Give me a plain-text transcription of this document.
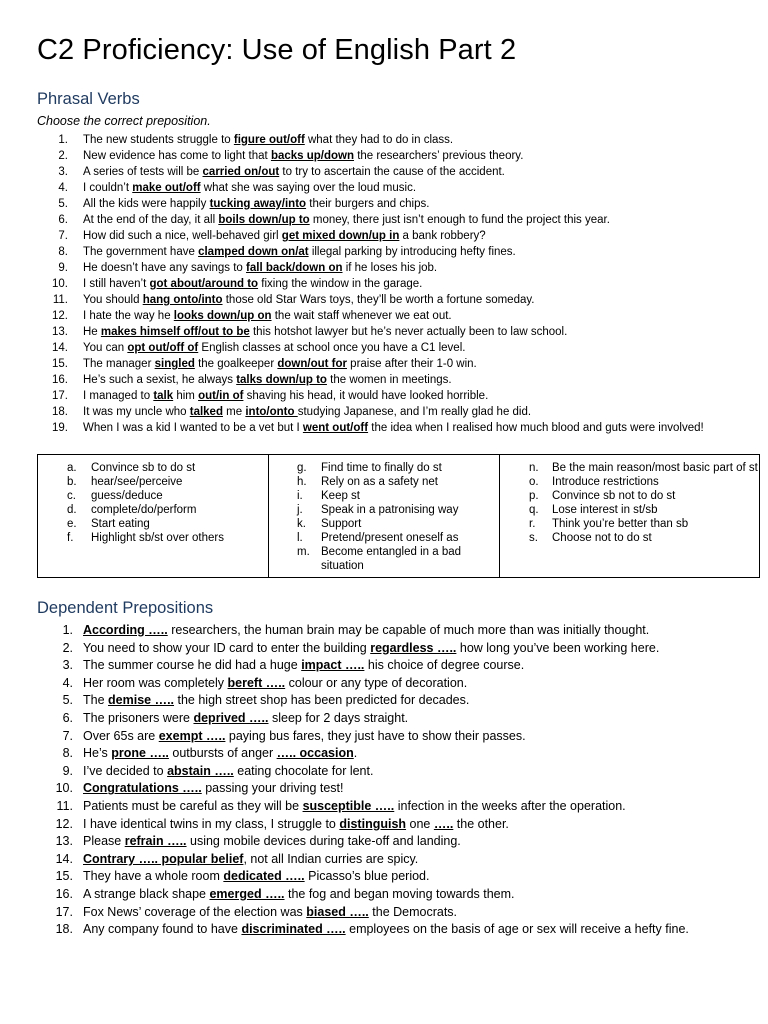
C2 Proficiency: Use of English Part 2
Phrasal Verbs
Choose the correct preposition.
1. The new students struggle to figure out/off what they had to do in class.
2. New evidence has come to light that backs up/down the researchers’ previous theory.
3. A series of tests will be carried on/out to try to ascertain the cause of the accident.
4. I couldn’t make out/off what she was saying over the loud music.
5. All the kids were happily tucking away/into their burgers and chips.
6. At the end of the day, it all boils down/up to money, there just isn’t enough to fund the project this year.
7. How did such a nice, well-behaved girl get mixed down/up in a bank robbery?
8. The government have clamped down on/at illegal parking by introducing hefty fines.
9. He doesn’t have any savings to fall back/down on if he loses his job.
10. I still haven’t got about/around to fixing the window in the garage.
11. You should hang onto/into those old Star Wars toys, they’ll be worth a fortune someday.
12. I hate the way he looks down/up on the wait staff whenever we eat out.
13. He makes himself off/out to be this hotshot lawyer but he’s never actually been to law school.
14. You can opt out/off of English classes at school once you have a C1 level.
15. The manager singled the goalkeeper down/out for praise after their 1-0 win.
16. He’s such a sexist, he always talks down/up to the women in meetings.
17. I managed to talk him out/in of shaving his head, it would have looked horrible.
18. It was my uncle who talked me into/onto studying Japanese, and I’m really glad he did.
19. When I was a kid I wanted to be a vet but I went out/off the idea when I realised how much blood and guts were involved!
a. Convince sb to do st
b. hear/see/perceive
c. guess/deduce
d. complete/do/perform
e. Start eating
f. Highlight sb/st over others
g. Find time to finally do st
h. Rely on as a safety net
i. Keep st
j. Speak in a patronising way
k. Support
l. Pretend/present oneself as
m. Become entangled in a bad situation
n. Be the main reason/most basic part of st
o. Introduce restrictions
p. Convince sb not to do st
q. Lose interest in st/sb
r. Think you’re better than sb
s. Choose not to do st
Dependent Prepositions
1. According ….. researchers, the human brain may be capable of much more than was initially thought.
2. You need to show your ID card to enter the building regardless ….. how long you’ve been working here.
3. The summer course he did had a huge impact ….. his choice of degree course.
4. Her room was completely bereft ….. colour or any type of decoration.
5. The demise ….. the high street shop has been predicted for decades.
6. The prisoners were deprived ….. sleep for 2 days straight.
7. Over 65s are exempt ….. paying bus fares, they just have to show their passes.
8. He’s prone ….. outbursts of anger ….. occasion.
9. I’ve decided to abstain ….. eating chocolate for lent.
10. Congratulations ….. passing your driving test!
11. Patients must be careful as they will be susceptible ….. infection in the weeks after the operation.
12. I have identical twins in my class, I struggle to distinguish one ….. the other.
13. Please refrain ….. using mobile devices during take-off and landing.
14. Contrary ….. popular belief, not all Indian curries are spicy.
15. They have a whole room dedicated ….. Picasso’s blue period.
16. A strange black shape emerged ….. the fog and began moving towards them.
17. Fox News’ coverage of the election was biased ….. the Democrats.
18. Any company found to have discriminated ….. employees on the basis of age or sex will receive a hefty fine.
